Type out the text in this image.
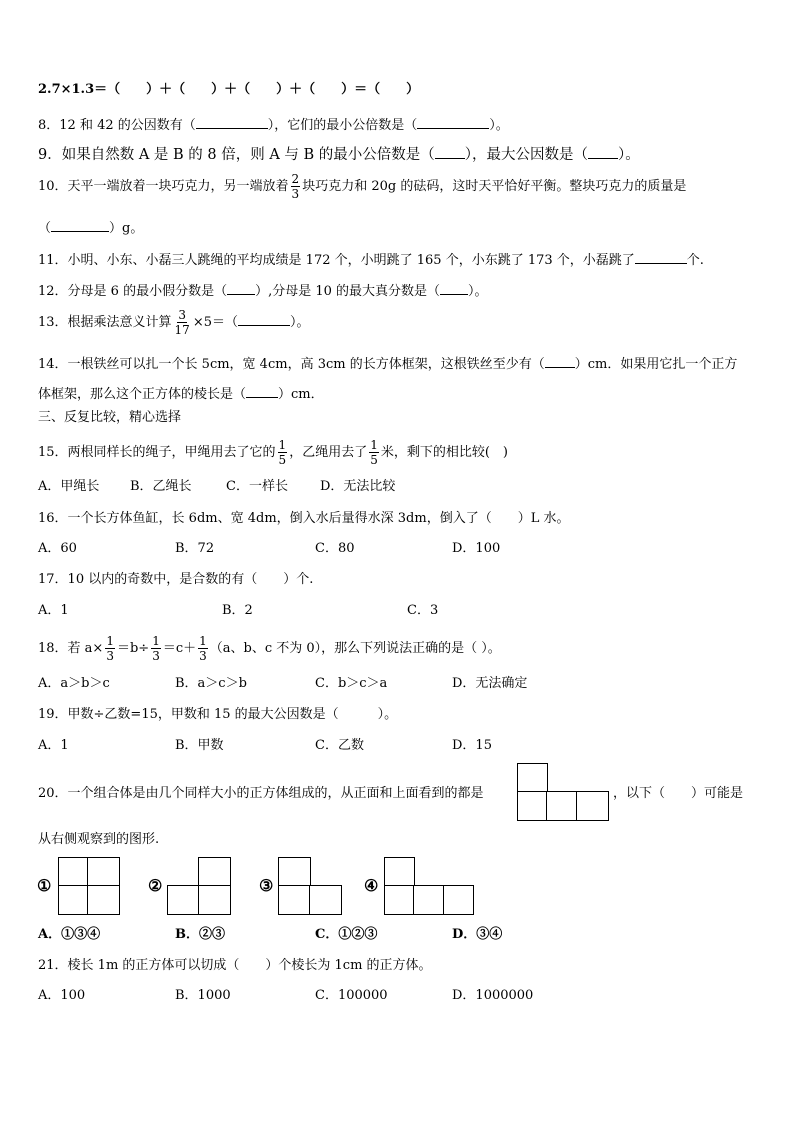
2.7×1.3＝（　　）＋（　　）＋（　　）＋（　　）＝（　　）
8．12 和 42 的公因数有（	），它们的最小公倍数是（	）。
9．如果自然数 A 是 B 的 8 倍，则 A 与 B 的最小公倍数是（ ），最大公因数是（ ）。
10．天平一端放着一块巧克力，另一端放着 $\frac{2}{3}$ 块巧克力和 20g 的砝码，这时天平恰好平衡。整块巧克力的质量是
（	）g。
11．小明、小东、小磊三人跳绳的平均成绩是 172 个，小明跳了 165 个，小东跳了 173 个，小磊跳了	个.
12．分母是 6 的最小假分数是（ ）,分母是 10 的最大真分数是（ ）。
13．根据乘法意义计算 $\frac{3}{17} \times 5=$（	）。
14．一根铁丝可以扎一个长 5cm，宽 4cm，高 3cm 的长方体框架，这根铁丝至少有（ ）cm．如果用它扎一个正方
体框架，那么这个正方体的棱长是（ ）cm．
三、反复比较，精心选择
15．两根同样长的绳子，甲绳用去了它的 $\frac{1}{5}$ ，乙绳用去了 $\frac{1}{5}$ 米，剩下的相比较(　)
A．甲绳长 B．乙绳长	C．一样长 D．无法比较
16．一个长方体鱼缸，长 6dm、宽 4dm，倒入水后量得水深 3dm，倒入了（　　）L 水。
A．60	B．72	C．80	D．100
17．10 以内的奇数中，是合数的有（　　）个.
A．1	B．2	C．3
18．若 $a\times \frac{1}{3} =b\div \frac{1}{3} =c+ \frac{1}{3} (a$、b、c 不为 0），那么下列说法正确的是（ ）。
A．a＞b＞c	B．a＞c＞b	C．b＞c＞a	D．无法确定
19．甲数÷乙数=15，甲数和 15 的最大公因数是（　　　）。
A．1	B．甲数	C．乙数	D．15
20．一个组合体是由几个同样大小的正方体组成的，从正面和上面看到的都是	，以下（　　）可能是
从右侧观察到的图形.
①	②	③	④
A．①③④	B．②③	C．①②③	D．③④
21．棱长 1m 的正方体可以切成（　　）个棱长为 1cm 的正方体。
A．100	B．1000	C．100000	D．1000000
